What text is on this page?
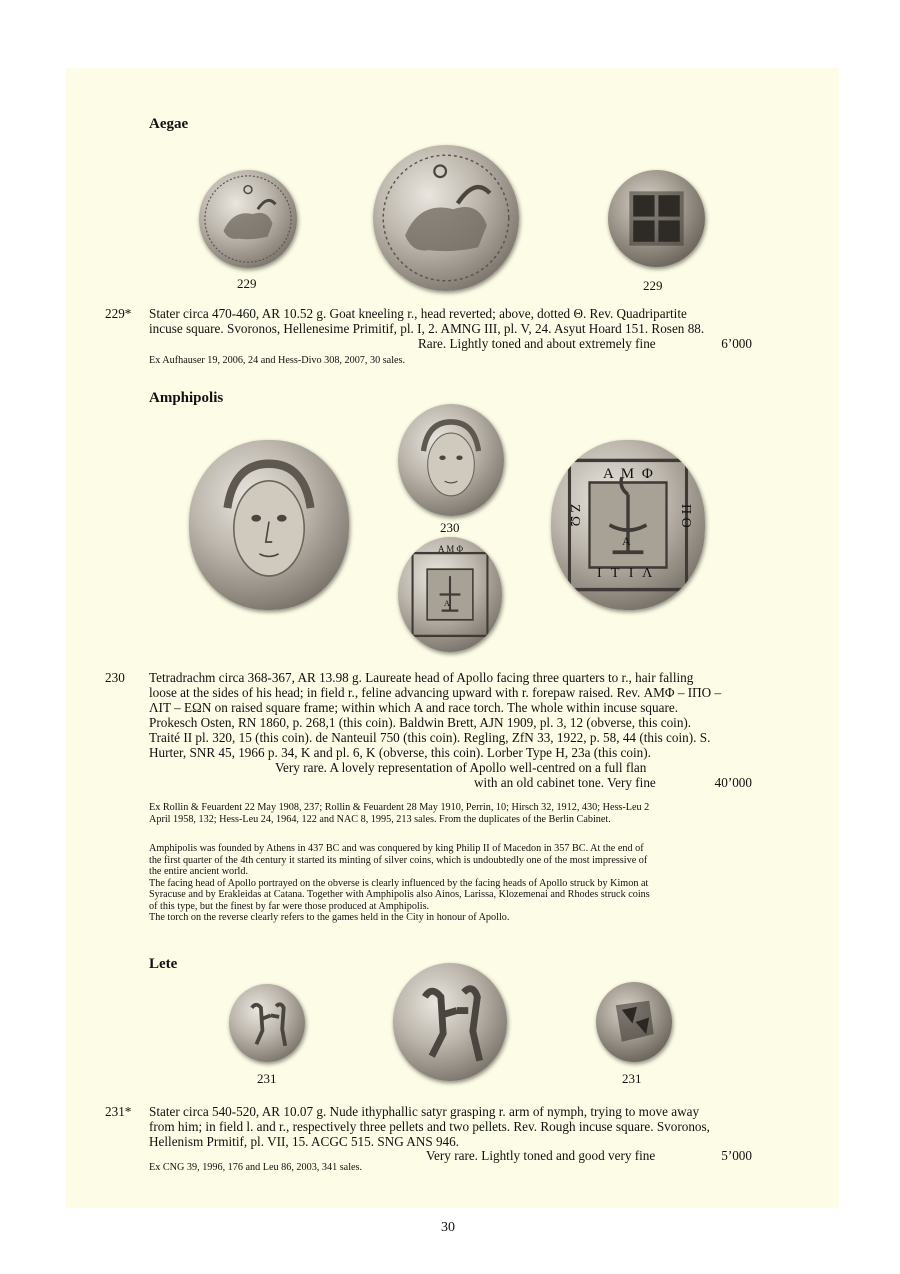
Aegae
229	229
229* Stater circa 470-460, AR 10.52 g. Goat kneeling r., head reverted; above, dotted Θ. Rev. Quadripartite
incuse square. Svoronos, Hellenesime Primitif, pl. I, 2. AMNG III, pl. V, 24. Asyut Hoard 151. Rosen 88.
Rare. Lightly toned and about extremely fine	6’000
Ex Aufhauser 19, 2006, 24 and Hess-Divo 308, 2007, 30 sales.
Amphipolis
230
Α Μ Φ
Α
Α Μ Φ
Ζ Ω	Π Ο
Ι Τ Ι Λ
Α
230 Tetradrachm circa 368-367, AR 13.98 g. Laureate head of Apollo facing three quarters to r., hair falling
loose at the sides of his head; in field r., feline advancing upward with r. forepaw raised. Rev. ΑΜΦ – ΙΠΟ –
ΛΙΤ – ΕΩΝ on raised square frame; within which Α and race torch. The whole within incuse square.
Prokesch Osten, RN 1860, p. 268,1 (this coin). Baldwin Brett, AJN 1909, pl. 3, 12 (obverse, this coin).
Traité II pl. 320, 15 (this coin). de Nanteuil 750 (this coin). Regling, ZfN 33, 1922, p. 58, 44 (this coin). S.
Hurter, SNR 45, 1966 p. 34, K and pl. 6, K (obverse, this coin). Lorber Type H, 23a (this coin).
Very rare. A lovely representation of Apollo well-centred on a full flan
with an old cabinet tone. Very fine	40’000
Ex Rollin & Feuardent 22 May 1908, 237; Rollin & Feuardent 28 May 1910, Perrin, 10; Hirsch 32, 1912, 430; Hess-Leu 2
April 1958, 132; Hess-Leu 24, 1964, 122 and NAC 8, 1995, 213 sales. From the duplicates of the Berlin Cabinet.
Amphipolis was founded by Athens in 437 BC and was conquered by king Philip II of Macedon in 357 BC. At the end of
the first quarter of the 4th century it started its minting of silver coins, which is undoubtedly one of the most impressive of
the entire ancient world.
The facing head of Apollo portrayed on the obverse is clearly influenced by the facing heads of Apollo struck by Kimon at
Syracuse and by Erakleidas at Catana. Together with Amphipolis also Ainos, Larissa, Klozemenai and Rhodes struck coins
of this type, but the finest by far were those produced at Amphipolis.
The torch on the reverse clearly refers to the games held in the City in honour of Apollo.
Lete
231	231
231* Stater circa 540-520, AR 10.07 g. Nude ithyphallic satyr grasping r. arm of nymph, trying to move away
from him; in field l. and r., respectively three pellets and two pellets. Rev. Rough incuse square. Svoronos,
Hellenism Prmitif, pl. VII, 15. ACGC 515. SNG ANS 946.
Very rare. Lightly toned and good very fine	5’000
Ex CNG 39, 1996, 176 and Leu 86, 2003, 341 sales.
30
